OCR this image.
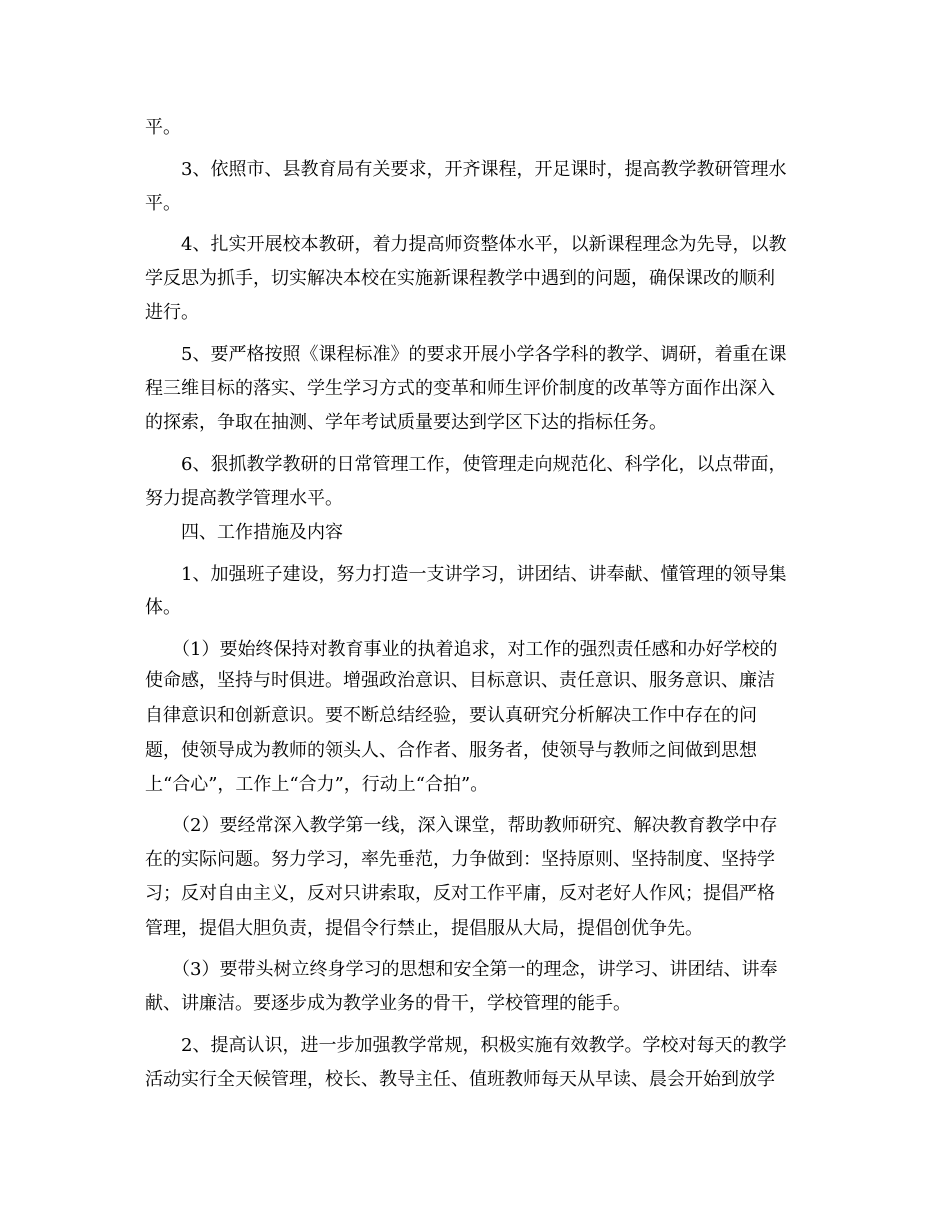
平。
　　3、依照市、县教育局有关要求，开齐课程，开足课时，提高教学教研管理水
平。
　　4、扎实开展校本教研，着力提高师资整体水平，以新课程理念为先导，以教
学反思为抓手，切实解决本校在实施新课程教学中遇到的问题，确保课改的顺利
进行。
　　5、要严格按照《课程标准》的要求开展小学各学科的教学、调研，着重在课
程三维目标的落实、学生学习方式的变革和师生评价制度的改革等方面作出深入
的探索，争取在抽测、学年考试质量要达到学区下达的指标任务。
　　6、狠抓教学教研的日常管理工作，使管理走向规范化、科学化，以点带面，
努力提高教学管理水平。
　　四、工作措施及内容
　　1、加强班子建设，努力打造一支讲学习，讲团结、讲奉献、懂管理的领导集
体。
　　（1）要始终保持对教育事业的执着追求，对工作的强烈责任感和办好学校的
使命感，坚持与时俱进。增强政治意识、目标意识、责任意识、服务意识、廉洁
自律意识和创新意识。要不断总结经验，要认真研究分析解决工作中存在的问
题，使领导成为教师的领头人、合作者、服务者，使领导与教师之间做到思想
上“合心”，工作上“合力”，行动上“合拍”。
　　（2）要经常深入教学第一线，深入课堂，帮助教师研究、解决教育教学中存
在的实际问题。努力学习，率先垂范，力争做到：坚持原则、坚持制度、坚持学
习；反对自由主义，反对只讲索取，反对工作平庸，反对老好人作风；提倡严格
管理，提倡大胆负责，提倡令行禁止，提倡服从大局，提倡创优争先。
　　（3）要带头树立终身学习的思想和安全第一的理念，讲学习、讲团结、讲奉
献、讲廉洁。要逐步成为教学业务的骨干，学校管理的能手。
　　2、提高认识，进一步加强教学常规，积极实施有效教学。学校对每天的教学
活动实行全天候管理，校长、教导主任、值班教师每天从早读、晨会开始到放学
